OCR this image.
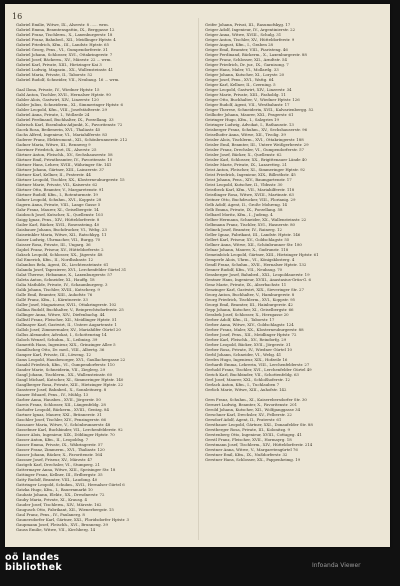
16
Gabriel Emilie, Witwe, IX., Alserstr. 8 ...... wrm.
Gabriel Emma, Beamtensgattin, IX., Berggasse 12
Gabriel Franz, Tischlerm., X., Laxenburgerstr. 18
Gabriel Franz, Bahnbed., XII., Meidlinger Hptstr. 4
Gabriel Friedrich, Kfm., III., Landstr. Hptstr. 65
Gabriel Georg, Pens., VI., Gumpendorferstr. 31
Gabriel Johann, Schlosser, XVI., Ottakringerstr. 7
Gabriel Josef, Bäckerm., XV., Märzstr. 22 ... wrm.
Gabriel Karl, Private, XIII., Hietzinger Kai 3
Gabriel Ludwig, Magazin., XX., Wallensteinstr. 41
Gabriel Maria, Private, II., Taborstr. 52
Gabriel Rudolf, Schneider, VII., Neubaug. 16 ... wrm.
Gaal Ilona, Private, IV., Wiedner Hptstr. 15
Gabl Anton, Tischler, XVII., Hernalser Hptstr. 90
Gabler Alois, Gastwirt, XIV., Linzerstr. 120
Gabler Julius, Schneiderm., XI., Simmeringer Hptstr. 6
Gabler Leopold, Kfm., VIII., Josefstädterstr. 29
Gabriel Anna, Private, I., Wollzeile 24
Gabriel Ferdinand, Buchhalter, IX., Porzellang. 33
Gabrisch Karl, Eisenbahn-Adjunkt, X., Favoritenstr. 72
Gacek Rosa, Bedienerin, XVI., Thaliastr. 45
Gachs Alfred, Ingenieur, VI., Mariahilferstr. 83
Gaderer Franz, Elektromont., XII., Schönbrunnerstr. 212
Gadner Maria, Witwe, III., Rennweg 9
Gaertner Friedrich, Arzt, IX., Alserstr. 25
Gärtner Anton, Fleischh., XV., Sechshauserstr. 58
Gärtner Emil, Privatbeamter, IV., Favoritenstr. 10
Gärtner Hans, Lehrer, XVIII., Währinger Str. 141
Gärtner Johann, Gärtner, XIII., Lainzerstr. 37
Gärtner Karl, Kellner, II., Praterstr. 44
Gärtner Leopold, Tischler, XX., Klosterneuburgerstr. 15
Gärtner Marie, Private, VII., Kaiserstr. 62
Gärtner Otto, Beamter, V., Margaretenstr. 91
Gärtner Rudolf, Kfm., I., Rotenturmstr. 19
Gafner Leopold, Schuhm., XVI., Koppstr. 28
Gagern Anna, Private, VIII., Lange Gasse 5
Gahr Franz, Maurer, XI., Geiselbergstr. 14
Gaidosch Josef, Kutscher, X., Quellenstr. 103
Gaigg Ignaz, Pens., XIV., Hütteldorferstr. 8
Gailer Karl, Bäcker, XVII., Rosensteing. 40
Gaisbauer Johann, Buchdrucker, VI., Webg. 23
Gaiswinkler Maria, Witwe, XII., Ratschkyg. 11
Gaiser Ludwig, Uhrmacher, VII., Burgg. 70
Gaisser Rosa, Private, III., Ungarg. 36
Gajdoš Franz, Friseur, XV., Hütteldorferstr. 2
Gaksch Leopold, Schlosser, XX., Jägerstr. 48
Gal Emerich, Kfm., II., Nordbahnstr. 12
Galambos Bela, Agent, IX., Liechtensteinstr. 61
Galanda Josef, Tapezierer, XVI., Lerchenfelder Gürtel 31
Galat Therese, Hebamme, X., Laxenburgerstr. 57
Galeta Anton, Schneider, XI., Hauffg. 18
Galia Mathilde, Private, IV., Schaumburgerg. 3
Galik Johann, Tischler, XVIII., Kutscherg. 9
Galle Emil, Beamter, XIII., Auhofstr. 76
Gallé Franz, Kfm., I., Kärntnerstr. 33
Galler Josef, Magazineur, XVII., Ottakringerstr. 102
Gallina Rudolf, Buchhalter, V., Reinprechtsdorferstr. 25
Gallinger Anna, Witwe, XIV., Diefenbachg. 44
Gallistl Franz, Fleischer, XII., Meidlinger Hptstr. 51
Gallmayer Karl, Gastwirt, II., Untere Augartenstr. 1
Gallob Josef, Zimmermaler, XV., Mariahilfer Gürtel 20
Gallus Alexander, Advokat, I., Schottenring 14
Galoch Wenzel, Schuhm., X., Leibnizg. 39
Gamerith Hans, Ingenieur, XIX., Grinzinger Allee 5
Gamillscheg Otto, Dr. med., VIII., Albertg. 36
Gamper Karl, Private, III., Löweng. 12
Gams Leopold, Hausbesorger, XVI., Gaullachergasse 22
Ganahl Friedrich, Kfm., VI., Gumpendorferstr. 110
Gander Marie, Schneiderin, VII., Zieglerg. 29
Gangl Johann, Tischlerm., XX., Wallensteinstr. 60
Gangl Michael, Kutscher, XI., Simmeringer Hptstr. 140
Ganglberger Rosa, Private, XIII., Hietzinger Hptstr. 22
Gansterer Josef, Bahnbed., X., Sonnleitnerg. 8
Ganzer Eduard, Pens., IV., Mühlg. 13
Garber Anna, Hausbes., XVII., Jörgerstr. 50
Gareis Franz, Schlosser, XII., Längenfeldg. 28
Garhofer Leopold, Bäckerm., XVIII., Gentzg. 84
Gartner Ignaz, Maurer, XXI., Brünnerstr. 31
Gaschler Josef, Tischler, XIV., Penzingerstr. 66
Gassauer Maria, Witwe, V., Schönbrunnerstr. 48
Gassebner Karl, Buchbinder, VII., Lerchenfelderstr. 92
Gasser Alois, Ingenieur, XIX., Döblinger Hptstr. 70
Gasser Anton, Kfm., II., Leopoldsg. 7
Gasser Emma, Private, IX., Währingerstr. 57
Gasser Franz, Zimmerm., XVI., Thaliastr. 120
Gasser Johann, Bäcker, X., Favoritenstr. 164
Gassner Josef, Friseur, XV., Märzstr. 47
Gastgeb Karl, Drechsler, VI., Stumperg. 21
Gattermayer Anna, Witwe, XIII., Speisinger Str. 18
Gattinger Franz, Kellner, III., Erdbergstr. 35
Gatty Rudolf, Beamter, VIII., Laudong. 40
Gattringer Leopold, Schuhm., XVII., Hernalser Gürtel 6
Gatzka Hugo, Kfm., I., Bauernmarkt 10
Gaubatz Johann, Elektr., XX., Dresdnerstr. 72
Gauby Maria, Private, XI., Krausg. 4
Gauder Josef, Tischlerm., XIV., Märzstr. 162
Gaugusch Otto, Fabrikant, XII., Wienerbergstr. 15
Gaul Franz, Pens., IV., Paulanerg. 8
Gaunersdorfer Karl, Gärtner, XXI., Floridsdorfer Hptstr. 3
Gaupmann Josef, Fleischh., XVI., Brunneng. 39
Gauss Emilie, Witwe, VII., Kirchberg. 14
Geifer Johann, Privat, III., Rasumofskyg. 17
Geiger Adolf, Ingenieur, IV., Argentinierstr. 22
Geiger Anna, Witwe, XVIII., Schulg. 31
Geiger Anton, Tischler, XV., Hütteldorferstr. 9
Geiger August, Kfm., I., Graben 28
Geiger Emil, Beamter, VIII., Piaristeng. 46
Geiger Ferdinand, Bäckerm., X., Laxenburgerstr. 88
Geiger Franz, Schlosser, XII., Arndtstr. 54
Geiger Friedrich, Dr. jur., IX., Garnisong. 7
Geiger Hans, Maler, VI., Mollardg. 33
Geiger Johann, Kutscher, XI., Lorystr. 20
Geiger Josef, Pens., XVI., Wattg. 64
Geiger Karl, Kellner, II., Czerning. 5
Geiger Leopold, Gastwirt, XIV., Linzerstr. 34
Geiger Marie, Private, XIII., Fasholdg. 11
Geiger Otto, Buchhalter, V., Wiedner Hptstr. 126
Geiger Rudolf, Agent, VII., Westbahnstr. 17
Geiger Therese, Schneiderin, XVII., Kalvarienbergg. 52
Geilhofer Johann, Maurer, XXI., Pragerstr. 61
Geiringer Hugo, Kfm., I., Salzgries 19
Geiringer Ludwig, Advokat, I., Rathausstr. 13
Geisberger Franz, Schuhm., XV., Sechshauserstr. 96
Geiselhofer Anna, Witwe, XII., Tivolig. 39
Geisler Alois, Tischlerm., XVI., Ottakringerstr. 188
Geisler Emil, Beamter, III., Untere Weißgerberstr. 29
Geisler Franz, Drechsler, VI., Gumpendorferstr. 57
Geisler Josef, Bäcker, X., Quellenstr. 62
Geisler Karl, Schlosser, XX., Brigittenauer Lände 40
Geisler Marie, Private, IX., Lazaretteg. 21
Geist Anton, Fleischer, XI., Simmeringer Hptstr. 92
Geist Friedrich, Ingenieur, XIX., Billrothstr. 45
Geist Johann, Pens., XIV., Baumgartenstr. 17
Geist Leopold, Kutscher, II., Ybbsstr. 30
Geistbeck Karl, Kfm., VII., Mariahilferstr. 118
Geistlinger Rosa, Witwe, XVIII., Martinstr. 63
Geitner Otto, Buchdrucker, VIII., Florianig. 29
Gelb Adolf, Agent, II., Große Mohreng. 14
Gelb Emma, Private, IX., Porzellang. 58
Gelbard Moritz, Kfm., I., Judeng. 4
Gelber Hermann, Schneider, XX., Wallensteinstr. 22
Gelbmann Franz, Tischler, XVI., Hasnerstr. 80
Gelinek Josef, Beamter, IV., Rainerg. 12
Geller Ignaz, Fabrikant, III., Landstr. Hptstr. 146
Gellert Karl, Friseur, XV., Goldschlagstr. 55
Gellner Anna, Witwe, XII., Schönbrunner Str. 180
Gelnar Johann, Maurer, X., Gudrunstr. 118
Gemeinböck Leopold, Gärtner, XIII., Hietzinger Hptstr. 61
Gemperle Alois, Uhrm., VI., Königsklosterg. 4
Gendl Franz, Schuhm., XVII., Hernalser Hptstr. 132
Genner Rudolf, Kfm., VII., Neubaug. 70
Gensberger Josef, Bahnbed., XXI., Leopoldauerstr. 19
Gentner Hans, Ingenieur, XVIII., Anastasius-Grün-G. 6
Genz Marie, Private, IX., Alserbachstr. 11
Genzinger Karl, Gastwirt, XIX., Sieveringer Str. 27
Georg Anton, Buchhalter, V., Hamburgerstr. 8
Georg Friedrich, Tischlerm., XVI., Koppstr. 95
Georgi Emil, Beamter, III., Hainburgerstr. 42
Gepp Johann, Kutscher, XI., Geiselbergstr. 66
Gerabek Josef, Schlosser, X., Herzgasse 20
Gerber Adolf, Kfm., II., Taborstr. 17
Gerber Anna, Witwe, XIV., Goldschlagstr. 124
Gerber Franz, Maler, XX., Klosterneuburgerstr. 88
Gerber Josef, Pens., XII., Meidlinger Hptstr. 72
Gerber Karl, Fleischh., XV., Reindorfg. 29
Gerber Leopold, Bäcker, XVII., Jörgerstr. 31
Gerber Rosa, Private, IV., Wiedner Gürtel 10
Gerbl Johann, Schneider, VI., Webg. 41
Gerdes Hugo, Ingenieur, XIX., Hofzeile 16
Gerhardt Emma, Lehrerin, VIII., Lerchenfelderstr. 27
Gerhold Franz, Tischler, XVI., Lerchenfelder Gürtel 49
Gerich Karl, Buchbinder, VII., Schottenfeldg. 63
Gerl Josef, Maurer, XXI., Schloßhoferstr. 12
Gerlach Anton, Kfm., I., Tuchlauben 7
Gerlich Marie, Witwe, XIII., Auhofstr. 142
Gern Franz, Schuhm., XI., Kaiserebersdorfer Str. 30
Gernert Ludwig, Beamter, X., Favoritenstr. 201
Gerold Johann, Kutscher, XII., Wolfganggasse 34
Gerschner Karl, Drechsler, XV., Felberstr. 22
Gersdorf Adolf, Agent, II., Praterstr. 61
Gerstbauer Leopold, Gärtner, XXI., Donaufelder Str. 88
Gerstberger Rosa, Private, III., Kolonitzg. 9
Gerstenberg Otto, Ingenieur, XVIII., Cottageg. 41
Gerstl Franz, Fleischer, XVII., Hormayrg. 18
Gerstmann Josef, Tischlerm., XIV., Hütteldorferstr. 214
Gerstner Anna, Witwe, V., Margaretengürtel 76
Gerstner Emil, Kfm., IX., Nußdorferstr. 32
Gerstner Hans, Schlosser, XX., Pappenheimg. 19
oö landes
bibliothek	Infoanda Viewer
